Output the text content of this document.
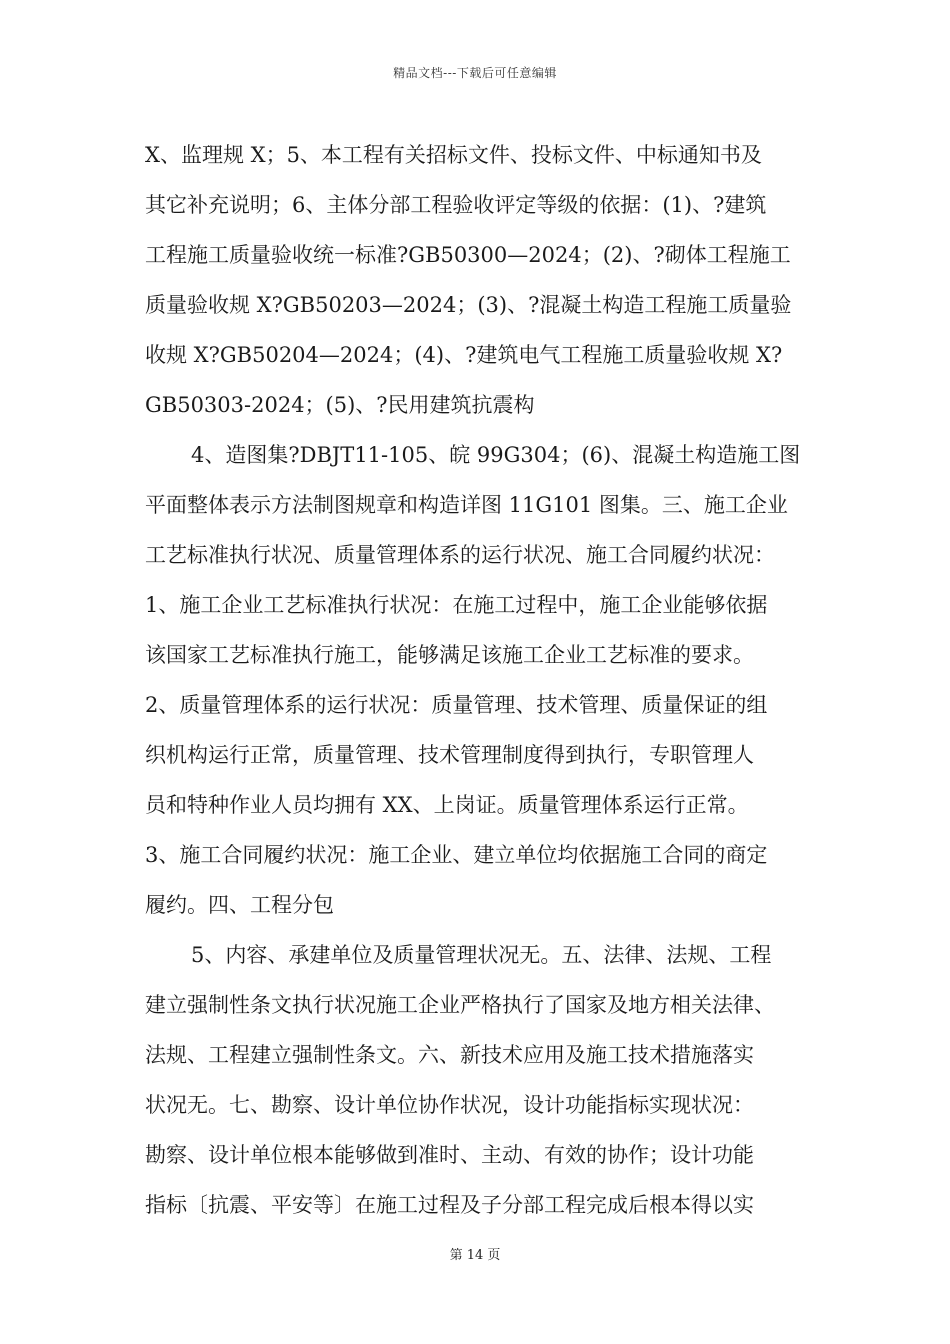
精品文档---下载后可任意编辑
X、监理规 X；5、本工程有关招标文件、投标文件、中标通知书及
其它补充说明；6、主体分部工程验收评定等级的依据：(1)、?建筑
工程施工质量验收统一标准?GB50300—2024；(2)、?砌体工程施工
质量验收规 X?GB50203—2024；(3)、?混凝土构造工程施工质量验
收规 X?GB50204—2024；(4)、?建筑电气工程施工质量验收规 X?
GB50303-2024；(5)、?民用建筑抗震构
4、造图集?DBJT11-105、皖 99G304；(6)、混凝土构造施工图
平面整体表示方法制图规章和构造详图 11G101 图集。三、施工企业
工艺标准执行状况、质量管理体系的运行状况、施工合同履约状况：
1、施工企业工艺标准执行状况：在施工过程中，施工企业能够依据
该国家工艺标准执行施工，能够满足该施工企业工艺标准的要求。
2、质量管理体系的运行状况：质量管理、技术管理、质量保证的组
织机构运行正常，质量管理、技术管理制度得到执行，专职管理人
员和特种作业人员均拥有 XX、上岗证。质量管理体系运行正常。
3、施工合同履约状况：施工企业、建立单位均依据施工合同的商定
履约。四、工程分包
5、内容、承建单位及质量管理状况无。五、法律、法规、工程
建立强制性条文执行状况施工企业严格执行了国家及地方相关法律、
法规、工程建立强制性条文。六、新技术应用及施工技术措施落实
状况无。七、勘察、设计单位协作状况，设计功能指标实现状况：
勘察、设计单位根本能够做到准时、主动、有效的协作；设计功能
指标〔抗震、平安等〕在施工过程及子分部工程完成后根本得以实
第 14 页
